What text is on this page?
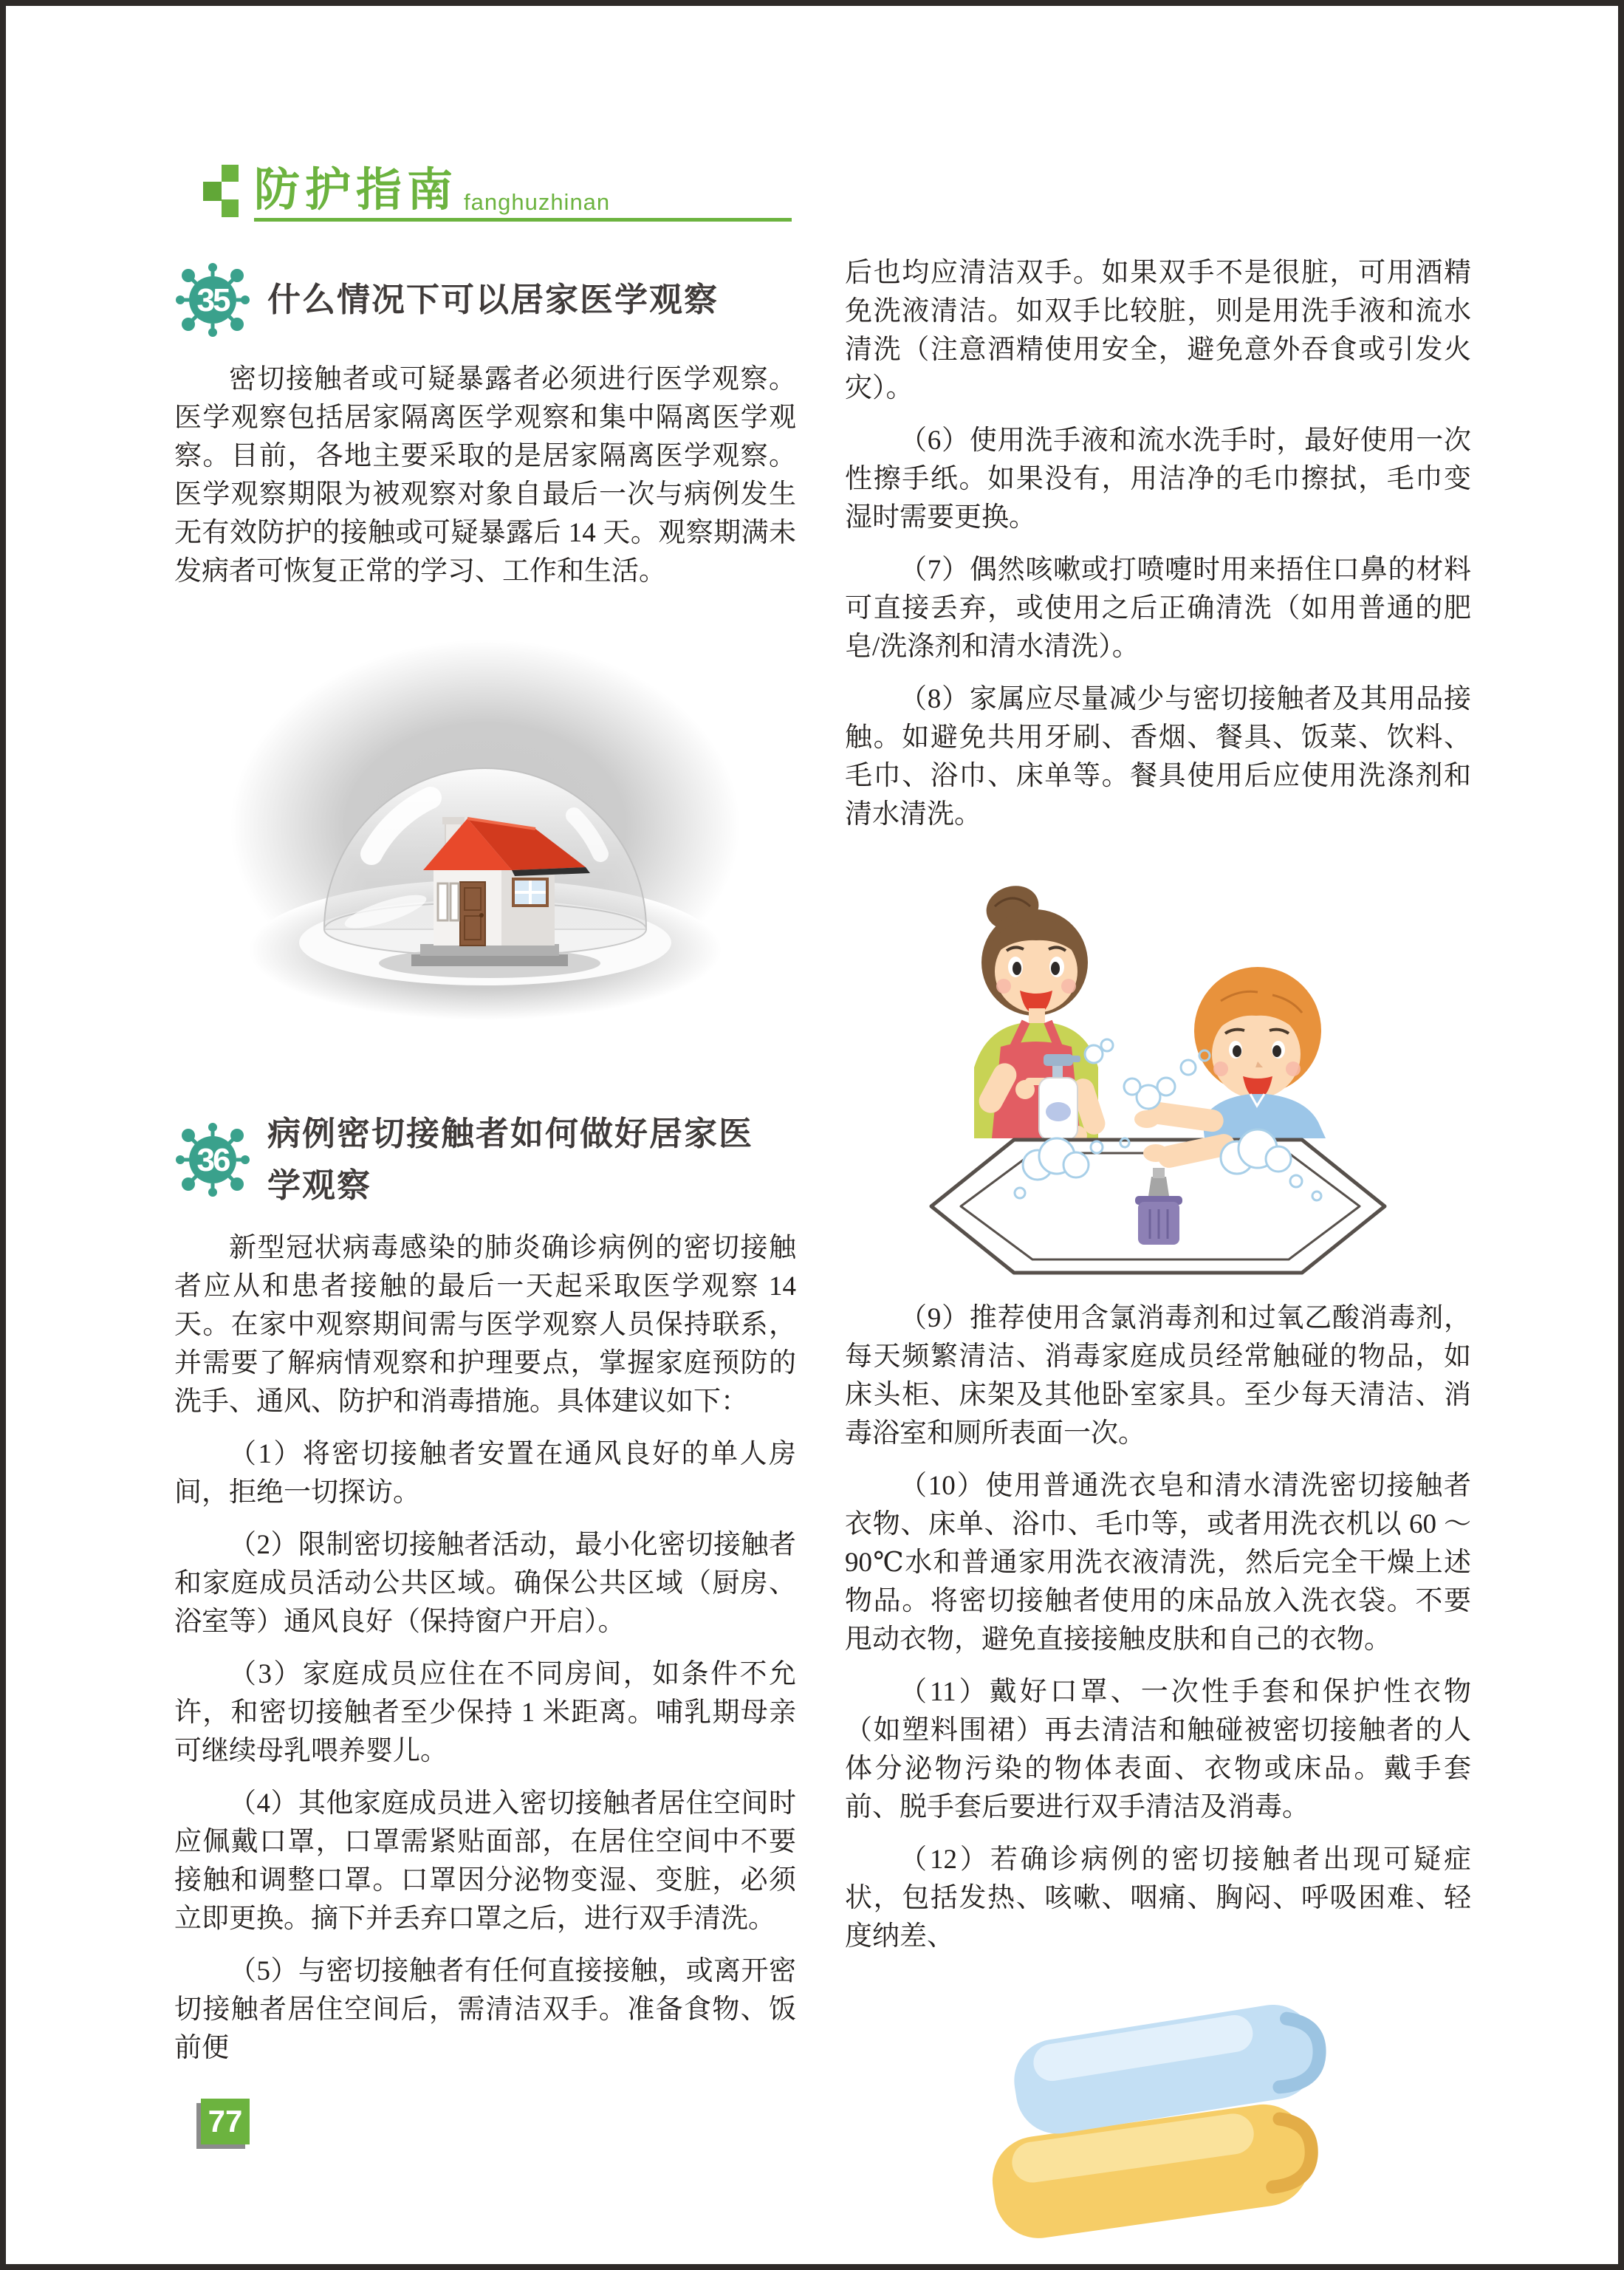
防护指南 fanghuzhinan
35 什么情况下可以居家医学观察

密切接触者或可疑暴露者必须进行医学观察。医学观察包括居家隔离医学观察和集中隔离医学观察。目前，各地主要采取的是居家隔离医学观察。医学观察期限为被观察对象自最后一次与病例发生无有效防护的接触或可疑暴露后 14 天。观察期满未发病者可恢复正常的学习、工作和生活。

36
病例密切接触者如何做好居家医学观察

新型冠状病毒感染的肺炎确诊病例的密切接触者应从和患者接触的最后一天起采取医学观察 14 天。在家中观察期间需与医学观察人员保持联系，并需要了解病情观察和护理要点，掌握家庭预防的洗手、通风、防护和消毒措施。具体建议如下：

（1）将密切接触者安置在通风良好的单人房间，拒绝一切探访。

（2）限制密切接触者活动，最小化密切接触者和家庭成员活动公共区域。确保公共区域（厨房、浴室等）通风良好（保持窗户开启）。

（3）家庭成员应住在不同房间，如条件不允许，和密切接触者至少保持 1 米距离。哺乳期母亲可继续母乳喂养婴儿。

（4）其他家庭成员进入密切接触者居住空间时应佩戴口罩，口罩需紧贴面部，在居住空间中不要接触和调整口罩。口罩因分泌物变湿、变脏，必须立即更换。摘下并丢弃口罩之后，进行双手清洗。

（5）与密切接触者有任何直接接触，或离开密切接触者居住空间后，需清洁双手。准备食物、饭前便

后也均应清洁双手。如果双手不是很脏，可用酒精免洗液清洁。如双手比较脏，则是用洗手液和流水清洗（注意酒精使用安全，避免意外吞食或引发火灾）。

（6）使用洗手液和流水洗手时，最好使用一次性擦手纸。如果没有，用洁净的毛巾擦拭，毛巾变湿时需要更换。

（7）偶然咳嗽或打喷嚏时用来捂住口鼻的材料可直接丢弃，或使用之后正确清洗（如用普通的肥皂/洗涤剂和清水清洗）。

（8）家属应尽量减少与密切接触者及其用品接触。如避免共用牙刷、香烟、餐具、饭菜、饮料、毛巾、浴巾、床单等。餐具使用后应使用洗涤剂和清水清洗。

（9）推荐使用含氯消毒剂和过氧乙酸消毒剂，每天频繁清洁、消毒家庭成员经常触碰的物品，如床头柜、床架及其他卧室家具。至少每天清洁、消毒浴室和厕所表面一次。

（10）使用普通洗衣皂和清水清洗密切接触者衣物、床单、浴巾、毛巾等，或者用洗衣机以 60 ～ 90℃水和普通家用洗衣液清洗，然后完全干燥上述物品。将密切接触者使用的床品放入洗衣袋。不要甩动衣物，避免直接接触皮肤和自己的衣物。

（11）戴好口罩、一次性手套和保护性衣物（如塑料围裙）再去清洁和触碰被密切接触者的人体分泌物污染的物体表面、衣物或床品。戴手套前、脱手套后要进行双手清洁及消毒。

（12）若确诊病例的密切接触者出现可疑症状，包括发热、咳嗽、咽痛、胸闷、呼吸困难、轻度纳差、

77
